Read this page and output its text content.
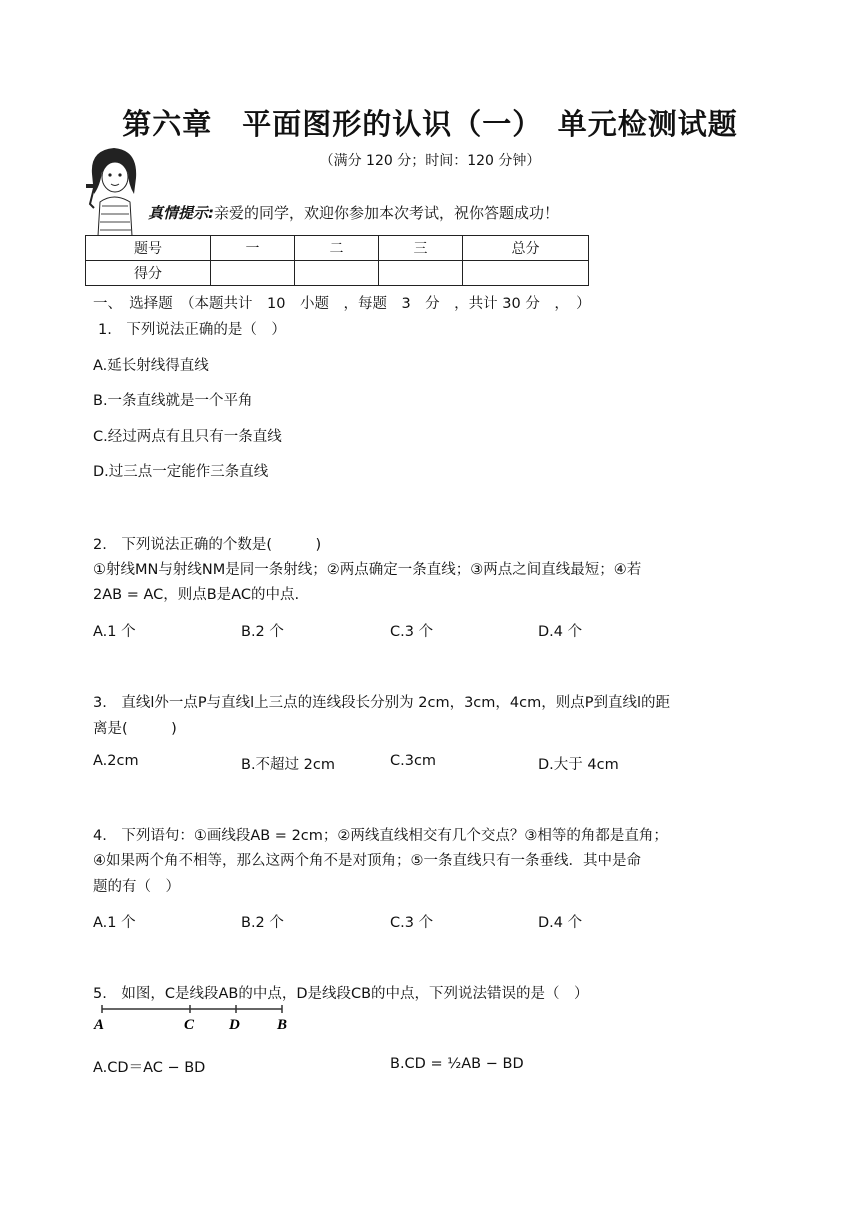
第六章　平面图形的认识（一）　单元检测试题
（满分 120 分；时间：120 分钟）
真情提示:亲爱的同学，欢迎你参加本次考试，祝你答题成功！
题号	一	二	三	总分
得分				
一、　选择题　（本题共计　10　小题　，每题　3　分　，共计 30 分　，　）
1.　下列说法正确的是（　）
A.延长射线得直线
B.一条直线就是一个平角
C.经过两点有且只有一条直线
D.过三点一定能作三条直线
2.　下列说法正确的个数是(　　　)
①射线MN与射线NM是同一条射线；②两点确定一条直线；③两点之间直线最短；④若
2AB = AC，则点B是AC的中点.
A.1 个	B.2 个	C.3 个	D.4 个
3.　直线l外一点P与直线l上三点的连线段长分别为 2cm，3cm，4cm，则点P到直线l的距
离是(　　　)
A.2cm	B.不超过 2cm	C.3cm	D.大于 4cm
4.　下列语句：①画线段AB = 2cm；②两线直线相交有几个交点？③相等的角都是直角；
④如果两个角不相等，那么这两个角不是对顶角；⑤一条直线只有一条垂线．其中是命
题的有（　）
A.1 个	B.2 个	C.3 个	D.4 个
5.　如图，C是线段AB的中点，D是线段CB的中点，下列说法错误的是（　）
A	C D B
A.CD＝AC − BD	B.CD = ½AB − BD
